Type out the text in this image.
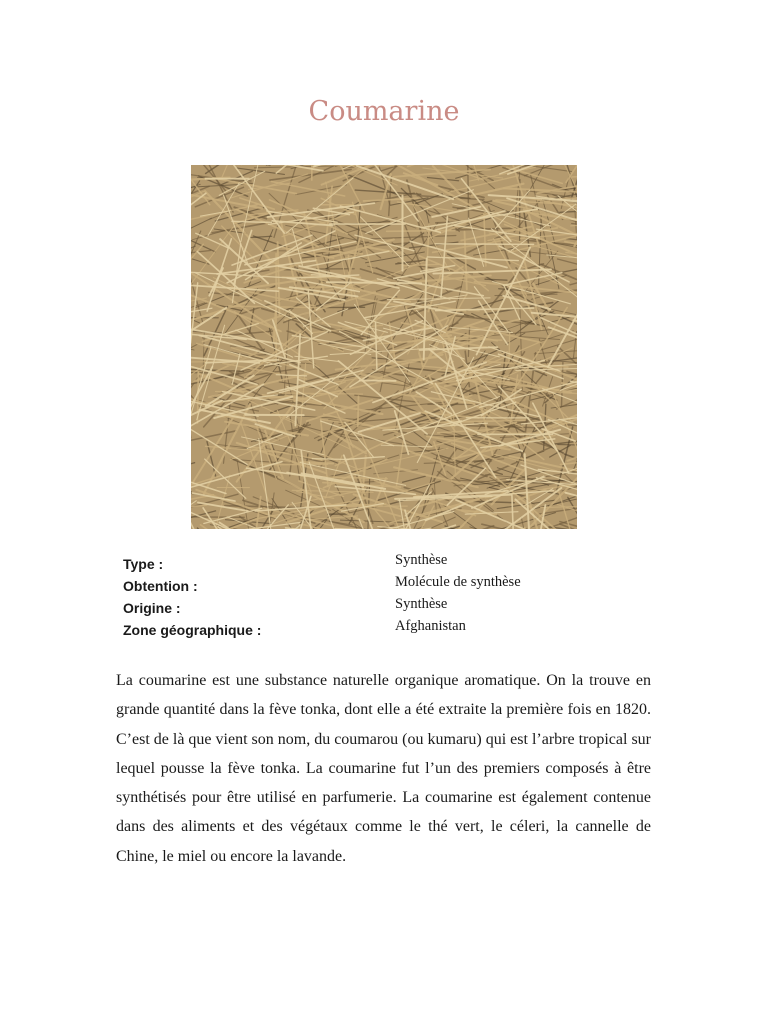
Coumarine
Type :
Obtention :
Origine :
Zone géographique :
Synthèse
Molécule de synthèse
Synthèse
Afghanistan

La coumarine est une substance naturelle organique aromatique. On la trouve en grande quantité dans la fève tonka, dont elle a été extraite la première fois en 1820. C’est de là que vient son nom, du coumarou (ou kumaru) qui est l’arbre tropical sur lequel pousse la fève tonka. La coumarine fut l’un des premiers composés à être synthétisés pour être utilisé en parfumerie. La coumarine est également contenue dans des aliments et des végétaux comme le thé vert, le céleri, la cannelle de Chine, le miel ou encore la lavande.
